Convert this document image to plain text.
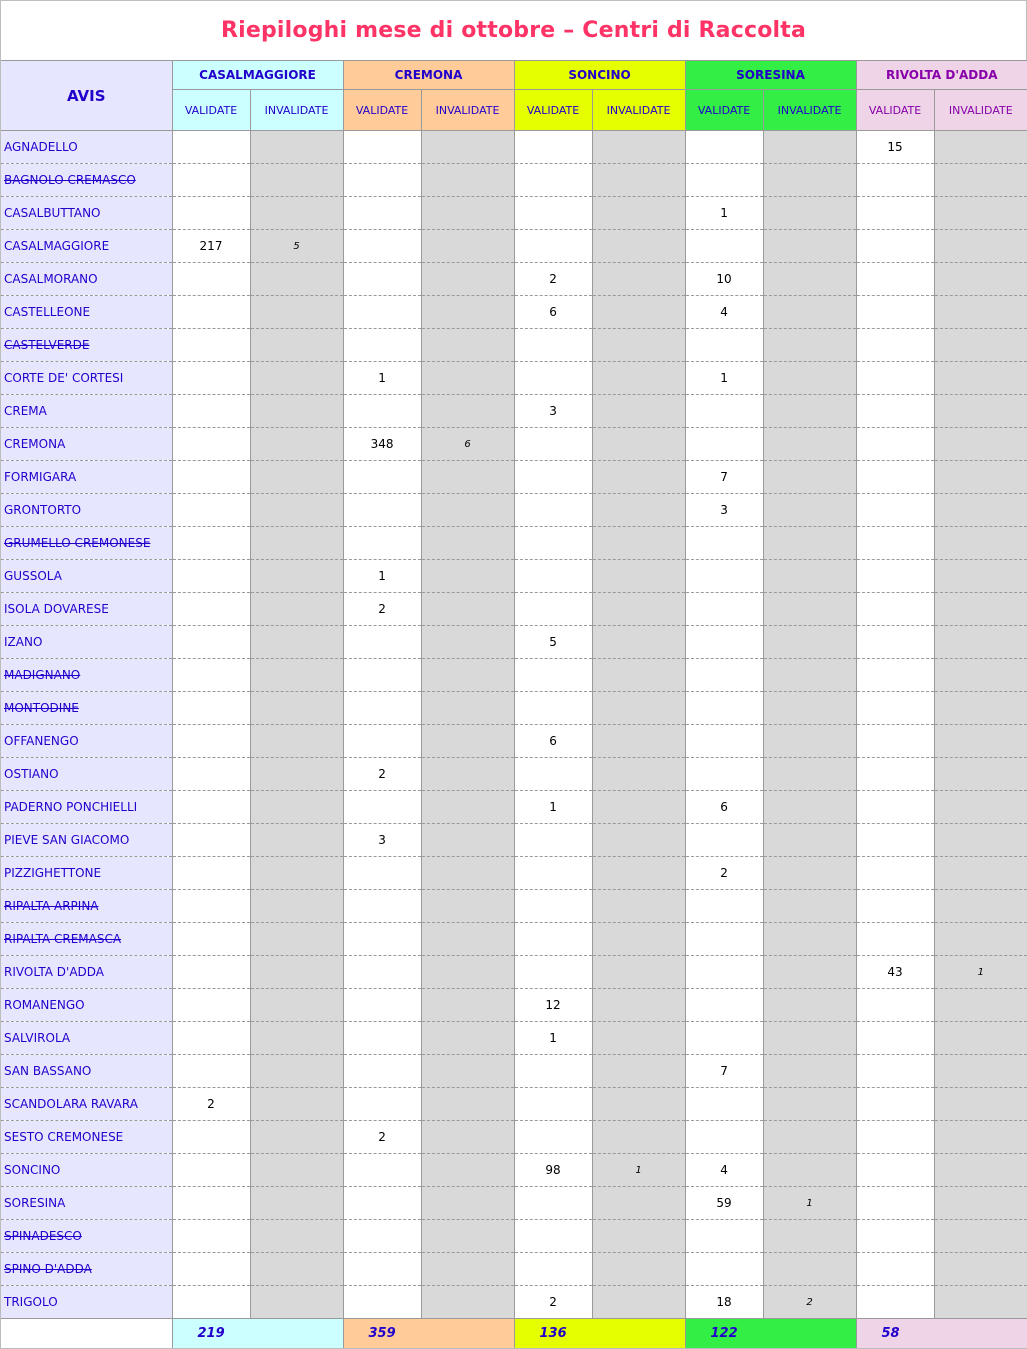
Riepiloghi mese di ottobre – Centri di Raccolta
AVIS	CASALMAGGIORE		CREMONA		SONCINO		SORESINA		RIVOLTA D'ADDA	
	VALIDATE	INVALIDATE	VALIDATE	INVALIDATE	VALIDATE	INVALIDATE	VALIDATE	INVALIDATE	VALIDATE	INVALIDATE
AGNADELLO									15	
BAGNOLO CREMASCO										
CASALBUTTANO							1			
CASALMAGGIORE	217	5								
CASALMORANO					2		10			
CASTELLEONE					6		4			
CASTELVERDE										
CORTE DE' CORTESI			1				1			
CREMA					3					
CREMONA			348	6						
FORMIGARA							7			
GRONTORTO							3			
GRUMELLO CREMONESE										
GUSSOLA			1							
ISOLA DOVARESE			2							
IZANO					5					
MADIGNANO										
MONTODINE										
OFFANENGO					6					
OSTIANO			2							
PADERNO PONCHIELLI					1		6			
PIEVE SAN GIACOMO			3							
PIZZIGHETTONE							2			
RIPALTA ARPINA										
RIPALTA CREMASCA										
RIVOLTA D'ADDA									43	1
ROMANENGO					12					
SALVIROLA					1					
SAN BASSANO							7			
SCANDOLARA RAVARA	2									
SESTO CREMONESE			2							
SONCINO					98	1	4			
SORESINA							59	1		
SPINADESCO										
SPINO D'ADDA										
TRIGOLO					2		18	2		
	219		359		136		122		58	
